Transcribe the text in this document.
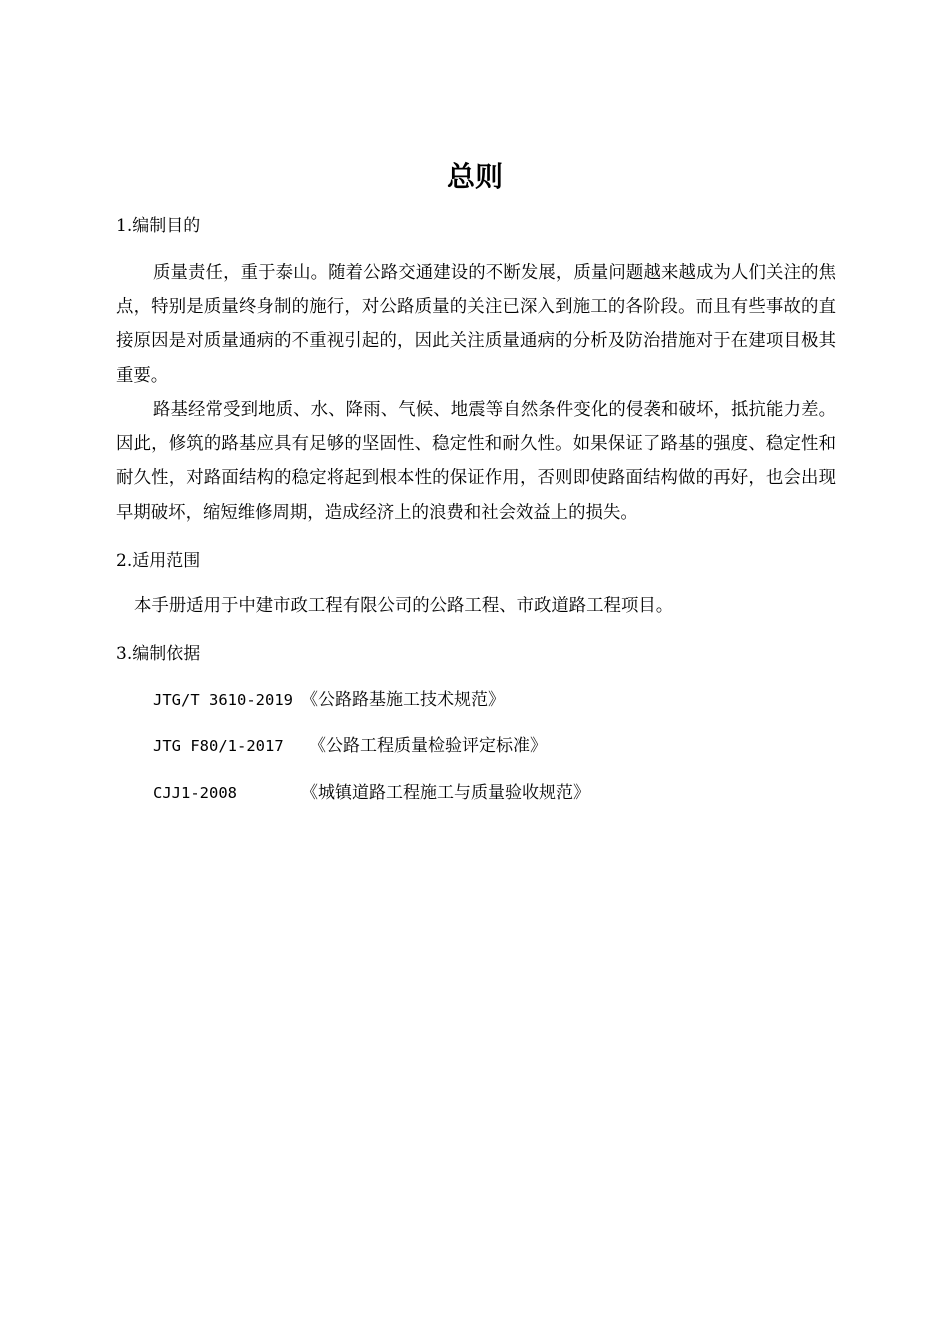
总则
1.编制目的
质量责任，重于泰山。随着公路交通建设的不断发展，质量问题越来越成为人们关注的焦点，特别是质量终身制的施行，对公路质量的关注已深入到施工的各阶段。而且有些事故的直接原因是对质量通病的不重视引起的，因此关注质量通病的分析及防治措施对于在建项目极其重要。
路基经常受到地质、水、降雨、气候、地震等自然条件变化的侵袭和破坏，抵抗能力差。因此，修筑的路基应具有足够的坚固性、稳定性和耐久性。如果保证了路基的强度、稳定性和耐久性，对路面结构的稳定将起到根本性的保证作用，否则即使路面结构做的再好，也会出现早期破坏，缩短维修周期，造成经济上的浪费和社会效益上的损失。
2.适用范围
本手册适用于中建市政工程有限公司的公路工程、市政道路工程项目。
3.编制依据
JTG/T 3610-2019 《公路路基施工技术规范》
JTG F80/1-2017 《公路工程质量检验评定标准》
CJJ1-2008	《城镇道路工程施工与质量验收规范》
